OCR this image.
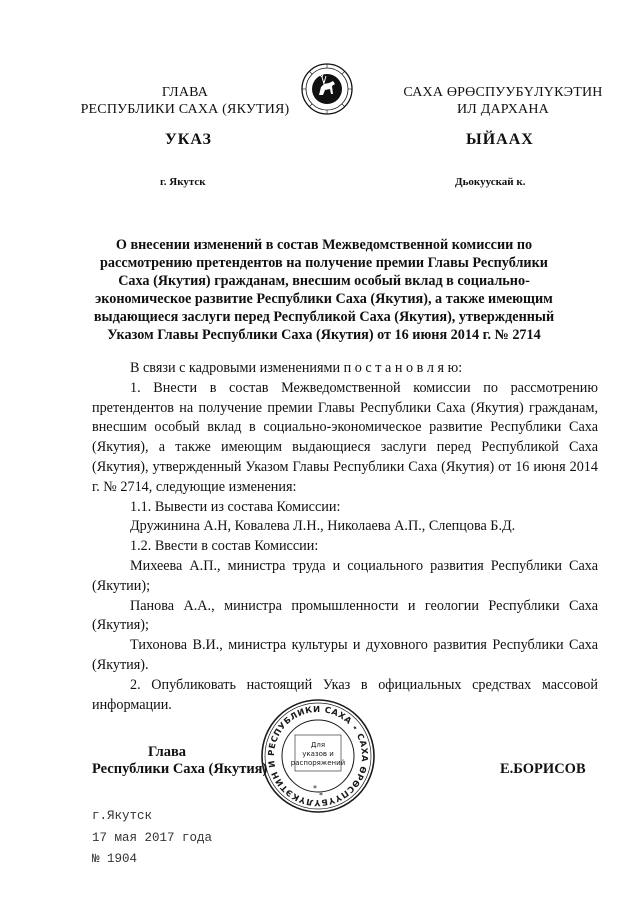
ГЛАВА
РЕСПУБЛИКИ САХА (ЯКУТИЯ)
САХА ӨРӨСПУУБҮЛҮКЭТИН
ИЛ ДАРХАНА
УКАЗ	ЫЙААХ
г. Якутск	Дьокуускай к.
О внесении изменений в состав Межведомственной комиссии по
рассмотрению претендентов на получение премии Главы Республики
Саха (Якутия) гражданам, внесшим особый вклад в социально-
экономическое развитие Республики Саха (Якутия), а также имеющим
выдающиеся заслуги перед Республикой Саха (Якутия), утвержденный
Указом Главы Республики Саха (Якутия) от 16 июня 2014 г. № 2714
В связи с кадровыми изменениями п о с т а н о в л я ю:
1. Внести в состав Межведомственной комиссии по рассмотрению претендентов на получение премии Главы Республики Саха (Якутия) гражданам, внесшим особый вклад в социально-экономическое развитие Республики Саха (Якутия), а также имеющим выдающиеся заслуги перед Республикой Саха (Якутия), утвержденный Указом Главы Республики Саха (Якутия) от 16 июня 2014 г. № 2714, следующие изменения:
1.1. Вывести из состава Комиссии:
Дружинина А.Н, Ковалева Л.Н., Николаева А.П., Слепцова Б.Д.
1.2. Ввести в состав Комиссии:
Михеева А.П., министра труда и социального развития Республики Саха (Якутии);
Панова А.А., министра промышленности и геологии Республики Саха (Якутия);
Тихонова В.И., министра культуры и духовного развития Республики Саха (Якутия).
2. Опубликовать настоящий Указ в официальных средствах массовой информации.
Глава
Республики Саха (Якутия)	Е.БОРИСОВ
РЕСПУБЛИКИ САХА ⋆ САХА ӨРӨСПҮҮБҮЛҮКЭТИН И
Для
указов и
распоряжений
*
*
г.Якутск
17 мая 2017 года
№ 1904
